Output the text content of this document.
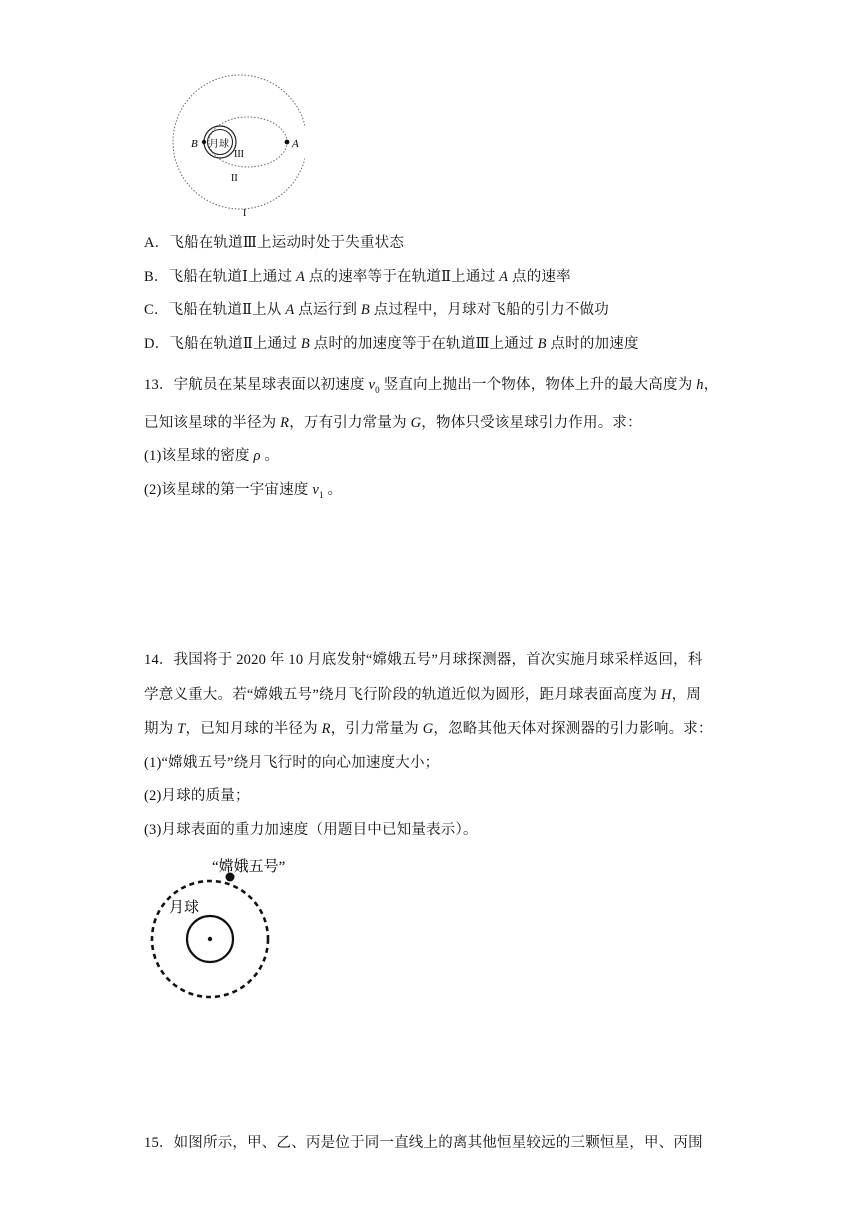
B	A
月球
III
II
I
A．飞船在轨道Ⅲ上运动时处于失重状态
B．飞船在轨道Ⅰ上通过 A 点的速率等于在轨道Ⅱ上通过 A 点的速率
C．飞船在轨道Ⅱ上从 A 点运行到 B 点过程中，月球对飞船的引力不做功
D．飞船在轨道Ⅱ上通过 B 点时的加速度等于在轨道Ⅲ上通过 B 点时的加速度
13．宇航员在某星球表面以初速度 $v_0$ 竖直向上抛出一个物体，物体上升的最大高度为 h，
已知该星球的半径为 R，万有引力常量为 G，物体只受该星球引力作用。求：
(1)该星球的密度 ρ 。
(2)该星球的第一宇宙速度 $v_1$ 。
14．我国将于 2020 年 10 月底发射“嫦娥五号”月球探测器，首次实施月球采样返回，科
学意义重大。若“嫦娥五号”绕月飞行阶段的轨道近似为圆形，距月球表面高度为 H，周
期为 T，已知月球的半径为 R，引力常量为 G，忽略其他天体对探测器的引力影响。求：
(1)“嫦娥五号”绕月飞行时的向心加速度大小；
(2)月球的质量；
(3)月球表面的重力加速度（用题目中已知量表示）。
“嫦娥五号”
月球
15．如图所示，甲、乙、丙是位于同一直线上的离其他恒星较远的三颗恒星，甲、丙围
